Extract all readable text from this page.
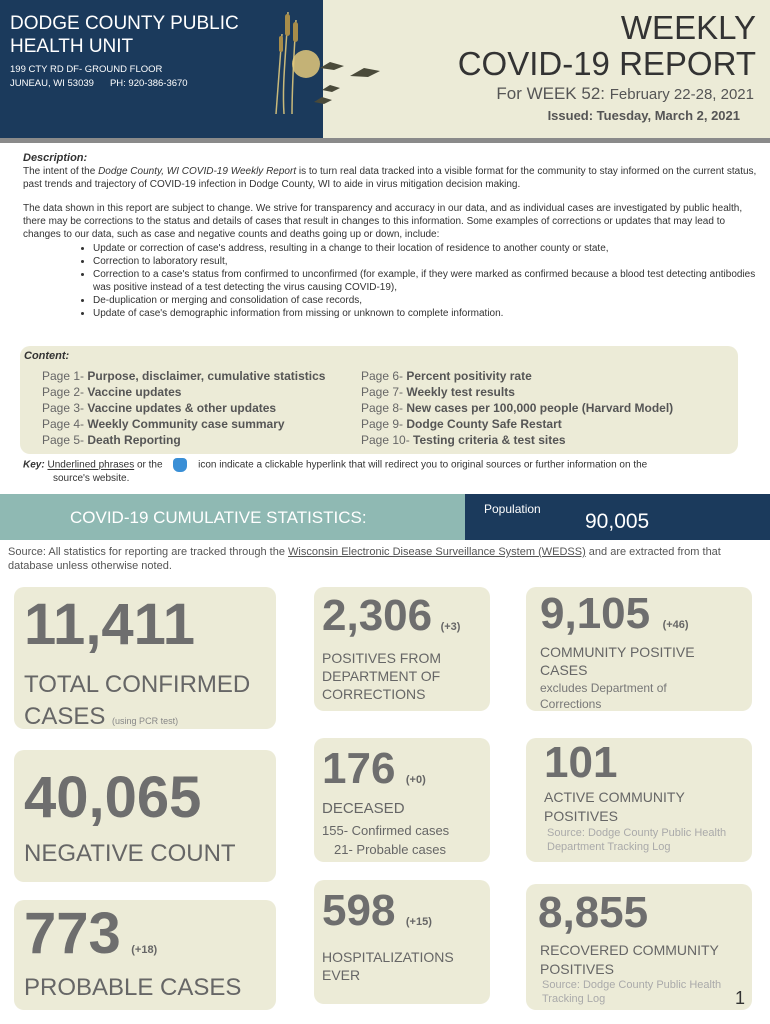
DODGE COUNTY PUBLIC
HEALTH UNIT
199 CTY RD DF- GROUND FLOOR
JUNEAU, WI 53039 PH: 920-386-3670
WEEKLY
COVID-19 REPORT
For WEEK 52: February 22-28, 2021
Issued: Tuesday, March 2, 2021
Description:

The intent of the Dodge County, WI COVID-19 Weekly Report is to turn real data tracked into a visible format for the community to stay informed on the current status, past trends and trajectory of COVID-19 infection in Dodge County, WI to aide in virus mitigation decision making.

The data shown in this report are subject to change. We strive for transparency and accuracy in our data, and as individual cases are investigated by public health, there may be corrections to the status and details of cases that result in changes to this information. Some examples of corrections or updates that may lead to changes to our data, such as case and negative counts and deaths going up or down, include:

• Update or correction of case's address, resulting in a change to their location of residence to another county or state,
• Correction to laboratory result,
• Correction to a case's status from confirmed to unconfirmed (for example, if they were marked as confirmed because a blood test detecting antibodies was positive instead of a test detecting the virus causing COVID-19),
• De-duplication or merging and consolidation of case records,
• Update of case's demographic information from missing or unknown to complete information.
Content:
Page 1- Purpose, disclaimer, cumulative statistics
Page 2- Vaccine updates
Page 3- Vaccine updates & other updates
Page 4- Weekly Community case summary
Page 5- Death Reporting
Page 6- Percent positivity rate
Page 7- Weekly test results
Page 8- New cases per 100,000 people (Harvard Model)
Page 9- Dodge County Safe Restart
Page 10- Testing criteria & test sites
Key: Underlined phrases or the	icon indicate a clickable hyperlink that will redirect you to original sources or further information on the
source's website.
COVID-19 CUMULATIVE STATISTICS:	Population
90,005
Source: All statistics for reporting are tracked through the Wisconsin Electronic Disease Surveillance System (WEDSS) and are extracted from that database unless otherwise noted.
11,411
TOTAL CONFIRMED
CASES (using PCR test)
40,065
NEGATIVE COUNT
773 (+18)
PROBABLE CASES
2,306 (+3)
POSITIVES FROM DEPARTMENT OF CORRECTIONS
176 (+0)
DECEASED
155- Confirmed cases
21- Probable cases
598 (+15)
HOSPITALIZATIONS EVER
9,105 (+46)
COMMUNITY POSITIVE CASES
excludes Department of Corrections
101
ACTIVE COMMUNITY POSITIVES
Source: Dodge County Public Health Department Tracking Log
8,855
RECOVERED COMMUNITY POSITIVES
Source: Dodge County Public Health Tracking Log	1
